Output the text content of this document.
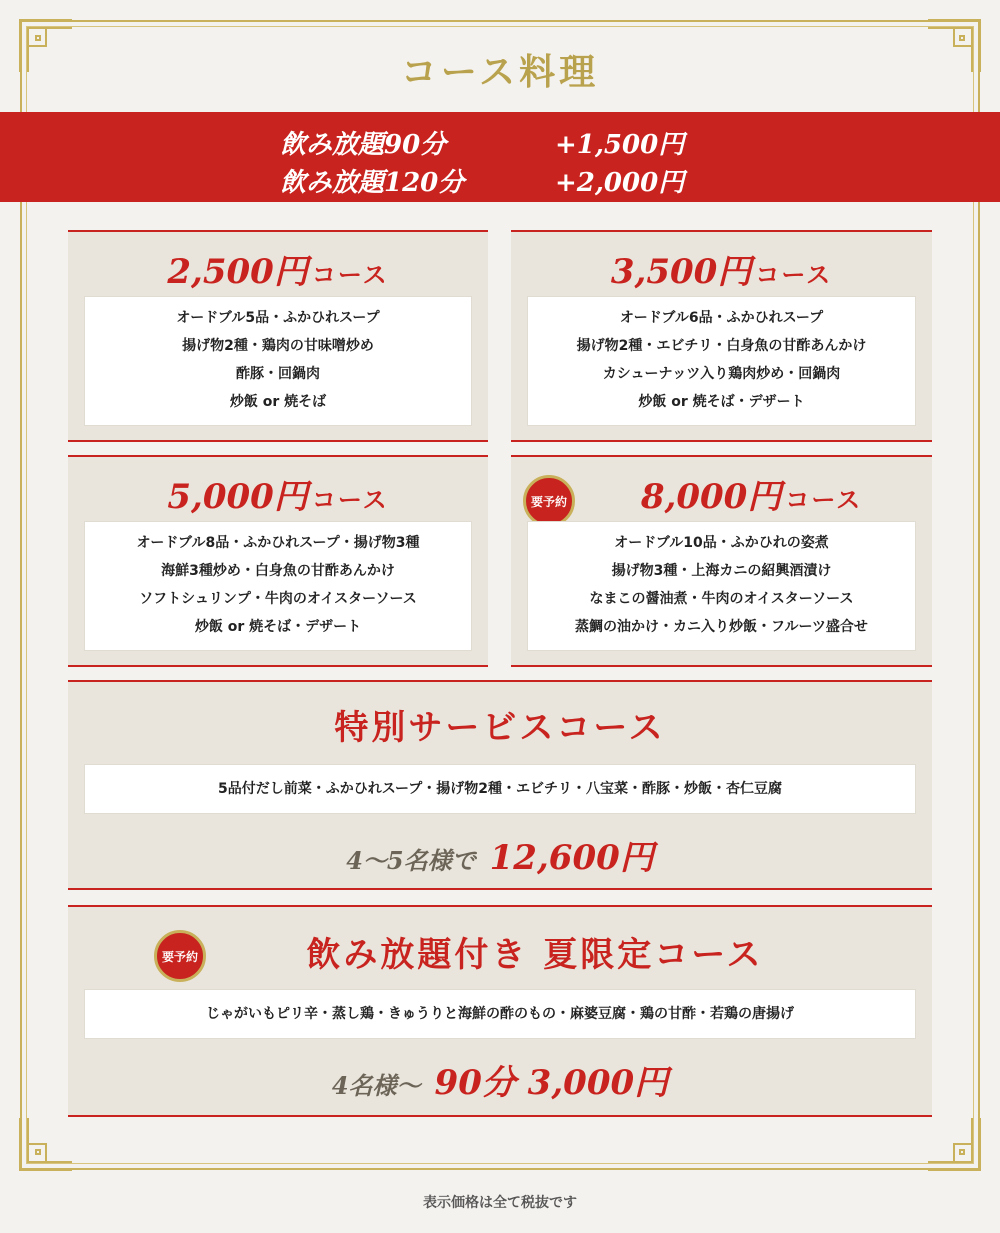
コース料理
飲み放題90分	+1,500円
飲み放題120分	+2,000円
2,500円 コース
オードブル5品・ふかひれスープ
揚げ物2種・鶏肉の甘味噌炒め
酢豚・回鍋肉
炒飯 or 焼そば
3,500円 コース
オードブル6品・ふかひれスープ
揚げ物2種・エビチリ・白身魚の甘酢あんかけ
カシューナッツ入り鶏肉炒め・回鍋肉
炒飯 or 焼そば・デザート
5,000円 コース
オードブル8品・ふかひれスープ・揚げ物3種
海鮮3種炒め・白身魚の甘酢あんかけ
ソフトシュリンプ・牛肉のオイスターソース
炒飯 or 焼そば・デザート
要予約	8,000円 コース
オードブル10品・ふかひれの姿煮
揚げ物3種・上海カニの紹興酒漬け
なまこの醤油煮・牛肉のオイスターソース
蒸鯛の油かけ・カニ入り炒飯・フルーツ盛合せ
特別サービスコース
5品付だし前菜・ふかひれスープ・揚げ物2種・エビチリ・八宝菜・酢豚・炒飯・杏仁豆腐
4～5名様で 12,600円
要予約	飲み放題付き 夏限定コース
じゃがいもピリ辛・蒸し鶏・きゅうりと海鮮の酢のもの・麻婆豆腐・鶏の甘酢・若鶏の唐揚げ
4名様～ 90分 3,000円
表示価格は全て税抜です
